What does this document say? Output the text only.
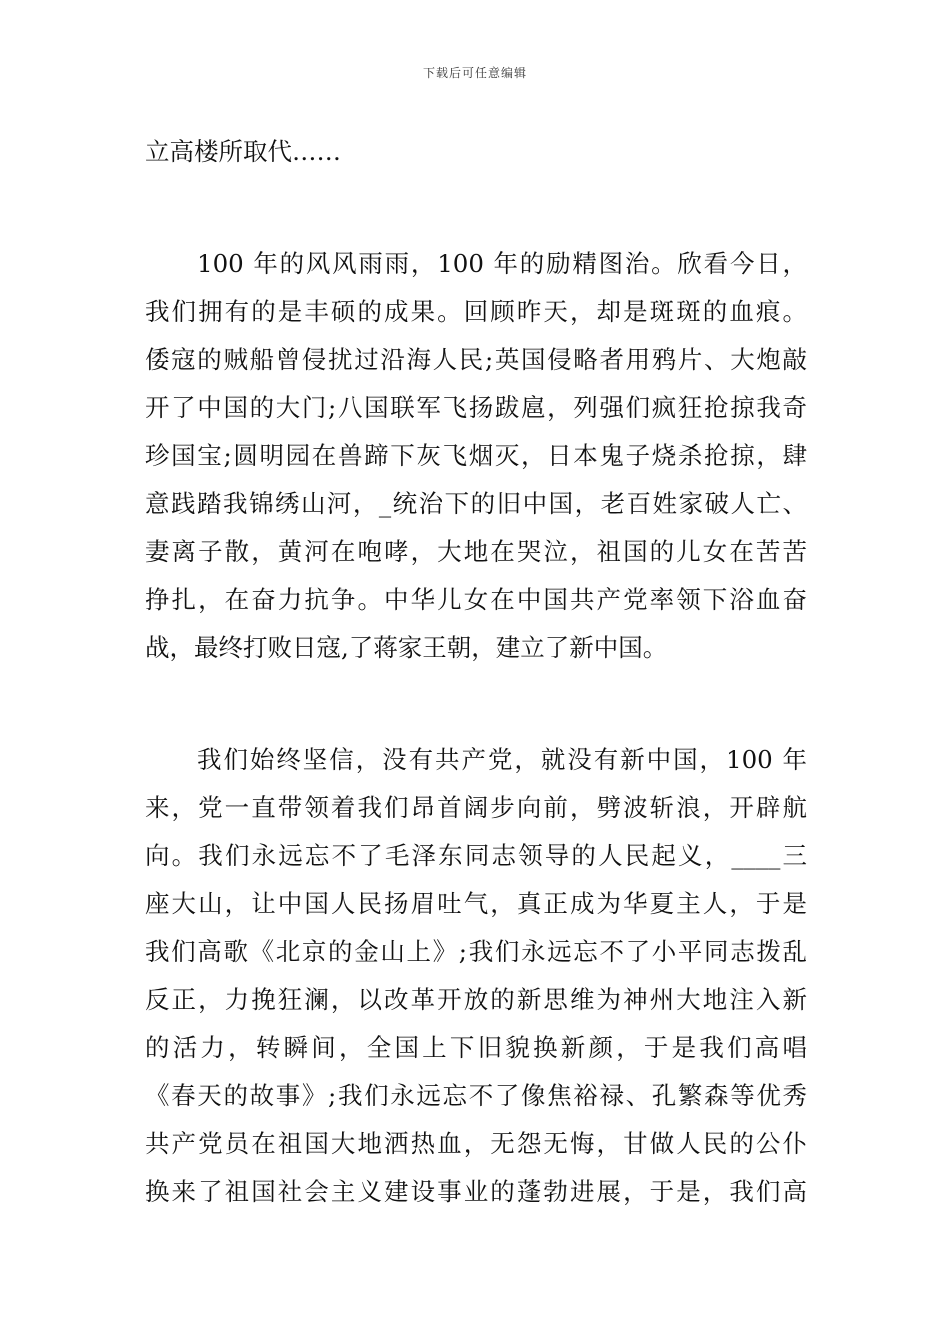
下载后可任意编辑
立高楼所取代……
100 年的风风雨雨，100 年的励精图治。欣看今日，
我们拥有的是丰硕的成果。回顾昨天，却是斑斑的血痕。
倭寇的贼船曾侵扰过沿海人民;英国侵略者用鸦片、大炮敲
开了中国的大门;八国联军飞扬跋扈，列强们疯狂抢掠我奇
珍国宝;圆明园在兽蹄下灰飞烟灭，日本鬼子烧杀抢掠，肆
意践踏我锦绣山河，_统治下的旧中国，老百姓家破人亡、
妻离子散，黄河在咆哮，大地在哭泣，祖国的儿女在苦苦
挣扎，在奋力抗争。中华儿女在中国共产党率领下浴血奋
战，最终打败日寇,了蒋家王朝，建立了新中国。
我们始终坚信，没有共产党，就没有新中国，100 年
来，党一直带领着我们昂首阔步向前，劈波斩浪，开辟航
向。我们永远忘不了毛泽东同志领导的人民起义，____三
座大山，让中国人民扬眉吐气，真正成为华夏主人，于是
我们高歌《北京的金山上》;我们永远忘不了小平同志拨乱
反正，力挽狂澜，以改革开放的新思维为神州大地注入新
的活力，转瞬间，全国上下旧貌换新颜，于是我们高唱
《春天的故事》;我们永远忘不了像焦裕禄、孔繁森等优秀
共产党员在祖国大地洒热血，无怨无悔，甘做人民的公仆
换来了祖国社会主义建设事业的蓬勃进展，于是，我们高
